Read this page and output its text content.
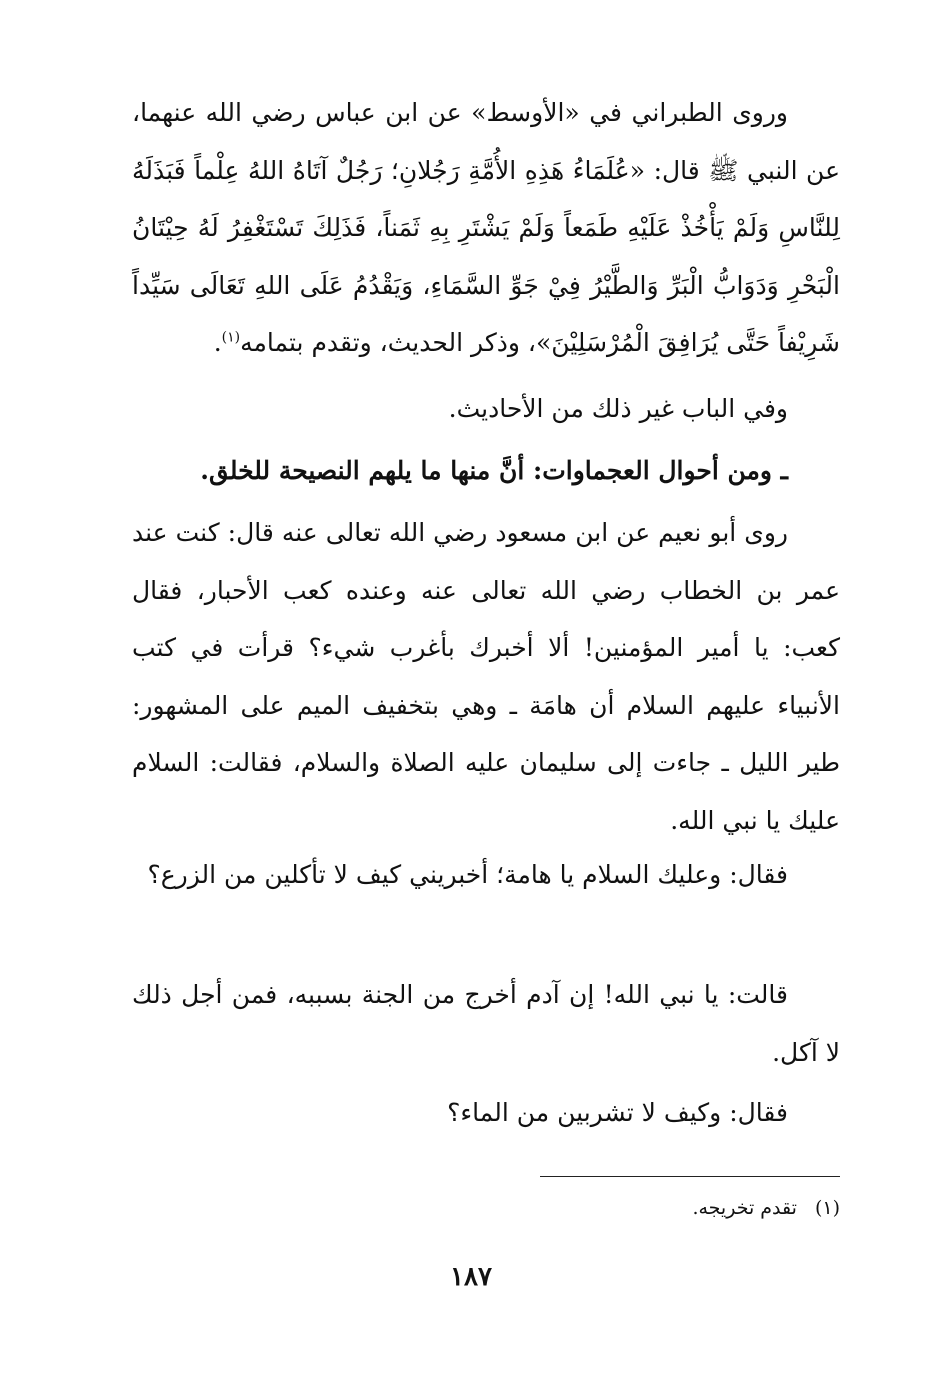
وروى الطبراني في «الأوسط» عن ابن عباس رضي الله عنهما، عن النبي ﷺ قال: «عُلَمَاءُ هَذِهِ الأُمَّةِ رَجُلانِ؛ رَجُلٌ آتَاهُ اللهُ عِلْماً فَبَذَلَهُ لِلنَّاسِ وَلَمْ يَأْخُذْ عَلَيْهِ طَمَعاً وَلَمْ يَشْتَرِ بِهِ ثَمَناً، فَذَلِكَ تَسْتَغْفِرُ لَهُ حِيْتَانُ الْبَحْرِ وَدَوَابُّ الْبَرِّ وَالطَّيْرُ فِيْ جَوِّ السَّمَاءِ، وَيَقْدُمُ عَلَى اللهِ تَعَالَى سَيِّداً شَرِيْفاً حَتَّى يُرَافِقَ الْمُرْسَلِيْنَ»، وذكر الحديث، وتقدم بتمامه$^{(١)}$.

وفي الباب غير ذلك من الأحاديث.

ـ ومن أحوال العجماوات: أنَّ منها ما يلهم النصيحة للخلق.

روى أبو نعيم عن ابن مسعود رضي الله تعالى عنه قال: كنت عند عمر بن الخطاب رضي الله تعالى عنه وعنده كعب الأحبار، فقال كعب: يا أمير المؤمنين! ألا أخبرك بأغرب شيء؟ قرأت في كتب الأنبياء عليهم السلام أن هامَة ـ وهي بتخفيف الميم على المشهور: طير الليل ـ جاءت إلى سليمان عليه الصلاة والسلام، فقالت: السلام عليك يا نبي الله.

فقال: وعليك السلام يا هامة؛ أخبريني كيف لا تأكلين من الزرع؟

قالت: يا نبي الله! إن آدم أخرج من الجنة بسببه، فمن أجل ذلك لا آكل.

فقال: وكيف لا تشربين من الماء؟

(١)تقدم تخريجه.
١٨٧
